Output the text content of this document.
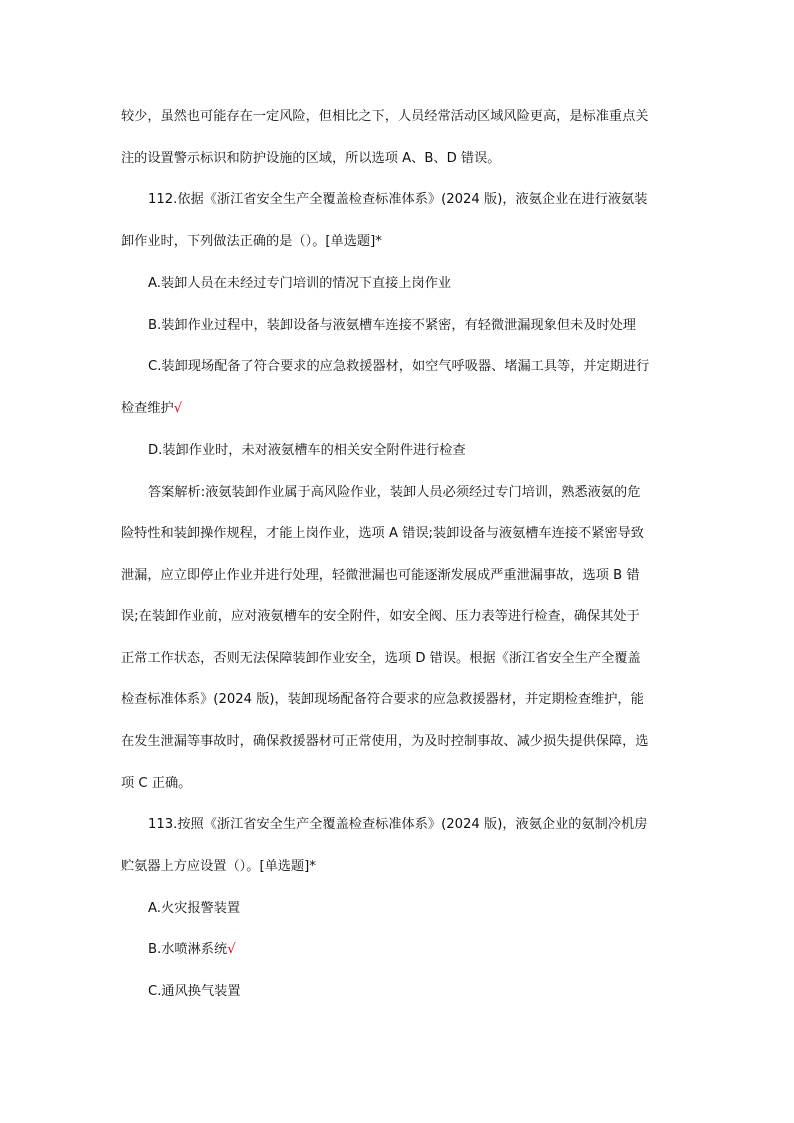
较少，虽然也可能存在一定风险，但相比之下，人员经常活动区域风险更高，是标准重点关
注的设置警示标识和防护设施的区域，所以选项 A、B、D 错误。
112.依据《浙江省安全生产全覆盖检查标准体系》(2024 版)，液氨企业在进行液氨装
卸作业时，下列做法正确的是（）。[单选题]*
A.装卸人员在未经过专门培训的情况下直接上岗作业
B.装卸作业过程中，装卸设备与液氨槽车连接不紧密，有轻微泄漏现象但未及时处理
C.装卸现场配备了符合要求的应急救援器材，如空气呼吸器、堵漏工具等，并定期进行
检查维护√
D.装卸作业时，未对液氨槽车的相关安全附件进行检查
答案解析:液氨装卸作业属于高风险作业，装卸人员必须经过专门培训，熟悉液氨的危
险特性和装卸操作规程，才能上岗作业，选项 A 错误;装卸设备与液氨槽车连接不紧密导致
泄漏，应立即停止作业并进行处理，轻微泄漏也可能逐渐发展成严重泄漏事故，选项 B 错
误;在装卸作业前，应对液氨槽车的安全附件，如安全阀、压力表等进行检查，确保其处于
正常工作状态，否则无法保障装卸作业安全，选项 D 错误。根据《浙江省安全生产全覆盖
检查标准体系》(2024 版)，装卸现场配备符合要求的应急救援器材，并定期检查维护，能
在发生泄漏等事故时，确保救援器材可正常使用，为及时控制事故、减少损失提供保障，选
项 C 正确。
113.按照《浙江省安全生产全覆盖检查标准体系》(2024 版)，液氨企业的氨制冷机房
贮氨器上方应设置（）。[单选题]*
A.火灾报警装置
B.水喷淋系统√
C.通风换气装置
